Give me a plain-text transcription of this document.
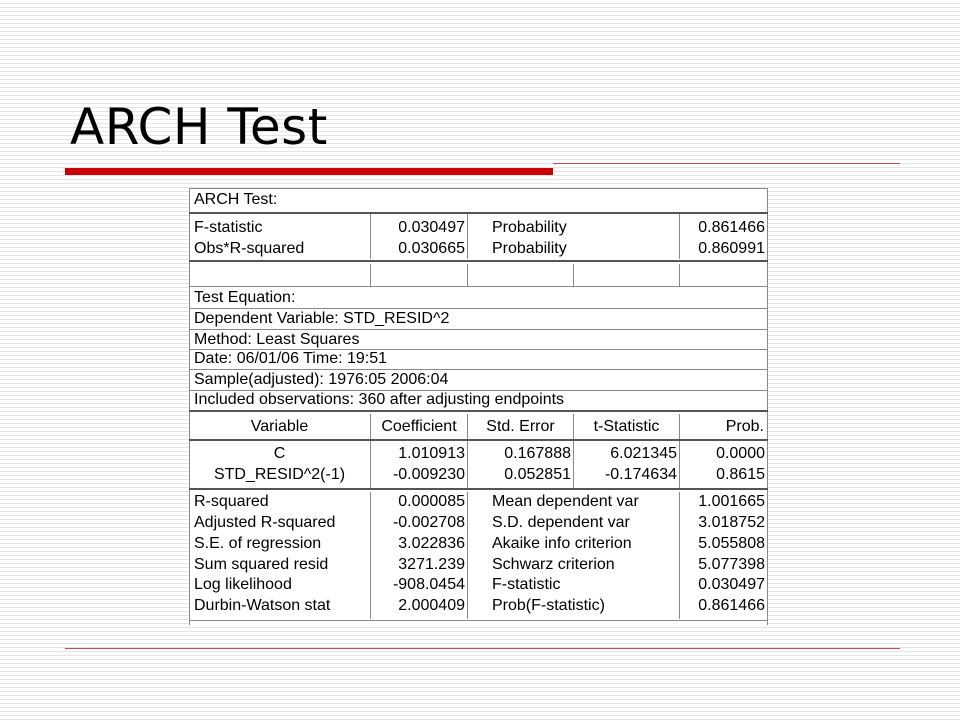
ARCH Test
ARCH Test:
F-statistic	0.030497 Probability	0.861466
Obs*R-squared	0.030665 Probability	0.860991
Test Equation:
Dependent Variable: STD_RESID^2
Method: Least Squares
Date: 06/01/06 Time: 19:51
Sample(adjusted): 1976:05 2006:04
Included observations: 360 after adjusting endpoints
Variable	Coefficient	Std. Error	t-Statistic	Prob.
C	1.010913	0.167888	6.021345	0.0000
STD_RESID^2(-1)	-0.009230	0.052851	-0.174634	0.8615
R-squared	0.000085 Mean dependent var	1.001665
Adjusted R-squared	-0.002708 S.D. dependent var	3.018752
S.E. of regression	3.022836 Akaike info criterion	5.055808
Sum squared resid	3271.239 Schwarz criterion	5.077398
Log likelihood	-908.0454 F-statistic	0.030497
Durbin-Watson stat	2.000409 Prob(F-statistic)	0.861466
